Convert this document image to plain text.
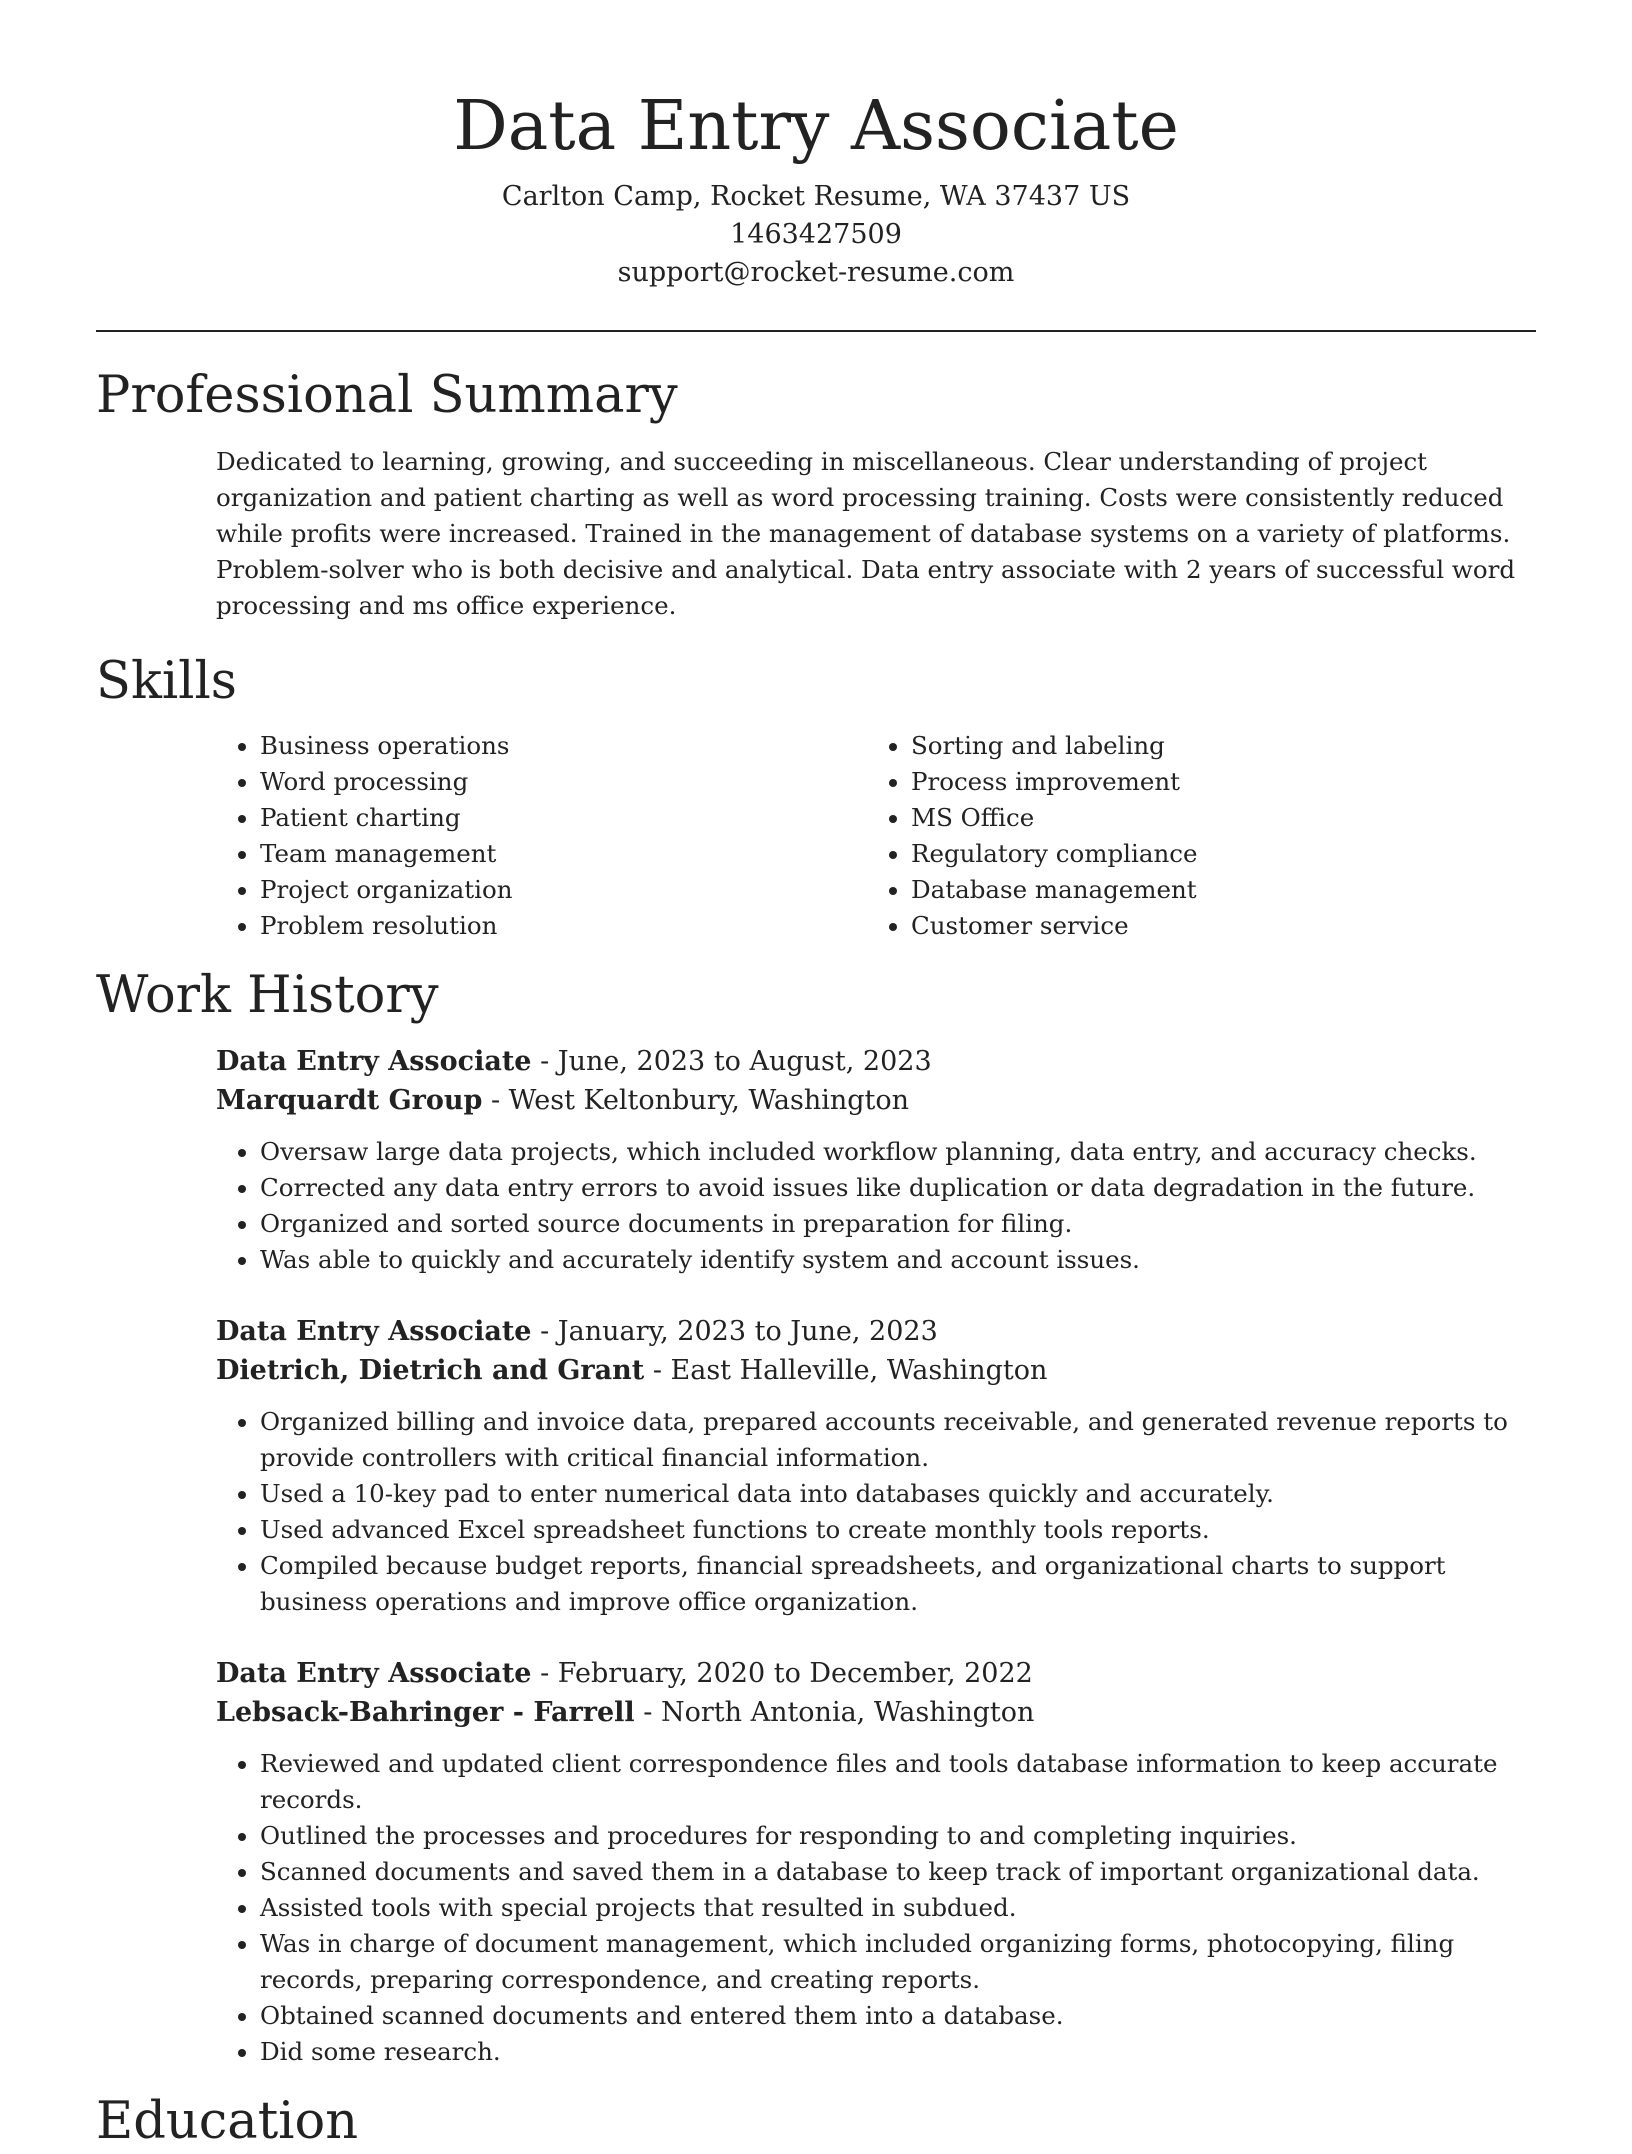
Data Entry Associate
Carlton Camp, Rocket Resume, WA 37437 US
1463427509
support@rocket-resume.com
Professional Summary

Dedicated to learning, growing, and succeeding in miscellaneous. Clear understanding of project organization and patient charting as well as word processing training. Costs were consistently reduced while profits were increased. Trained in the management of database systems on a variety of platforms. Problem-solver who is both decisive and analytical. Data entry associate with 2 years of successful word processing and ms office experience.

Skills
• Business operations
• Word processing
• Patient charting
• Team management
• Project organization
• Problem resolution
• Sorting and labeling
• Process improvement
• MS Office
• Regulatory compliance
• Database management
• Customer service
Work History
Data Entry Associate - June, 2023 to August, 2023
Marquardt Group - West Keltonbury, Washington
• Oversaw large data projects, which included workflow planning, data entry, and accuracy checks.
• Corrected any data entry errors to avoid issues like duplication or data degradation in the future.
• Organized and sorted source documents in preparation for filing.
• Was able to quickly and accurately identify system and account issues.
Data Entry Associate - January, 2023 to June, 2023
Dietrich, Dietrich and Grant - East Halleville, Washington
• Organized billing and invoice data, prepared accounts receivable, and generated revenue reports to provide controllers with critical financial information.
• Used a 10-key pad to enter numerical data into databases quickly and accurately.
• Used advanced Excel spreadsheet functions to create monthly tools reports.
• Compiled because budget reports, financial spreadsheets, and organizational charts to support business operations and improve office organization.
Data Entry Associate - February, 2020 to December, 2022
Lebsack-Bahringer - Farrell - North Antonia, Washington
• Reviewed and updated client correspondence files and tools database information to keep accurate records.
• Outlined the processes and procedures for responding to and completing inquiries.
• Scanned documents and saved them in a database to keep track of important organizational data.
• Assisted tools with special projects that resulted in subdued.
• Was in charge of document management, which included organizing forms, photocopying, filing records, preparing correspondence, and creating reports.
• Obtained scanned documents and entered them into a database.
• Did some research.
Education
